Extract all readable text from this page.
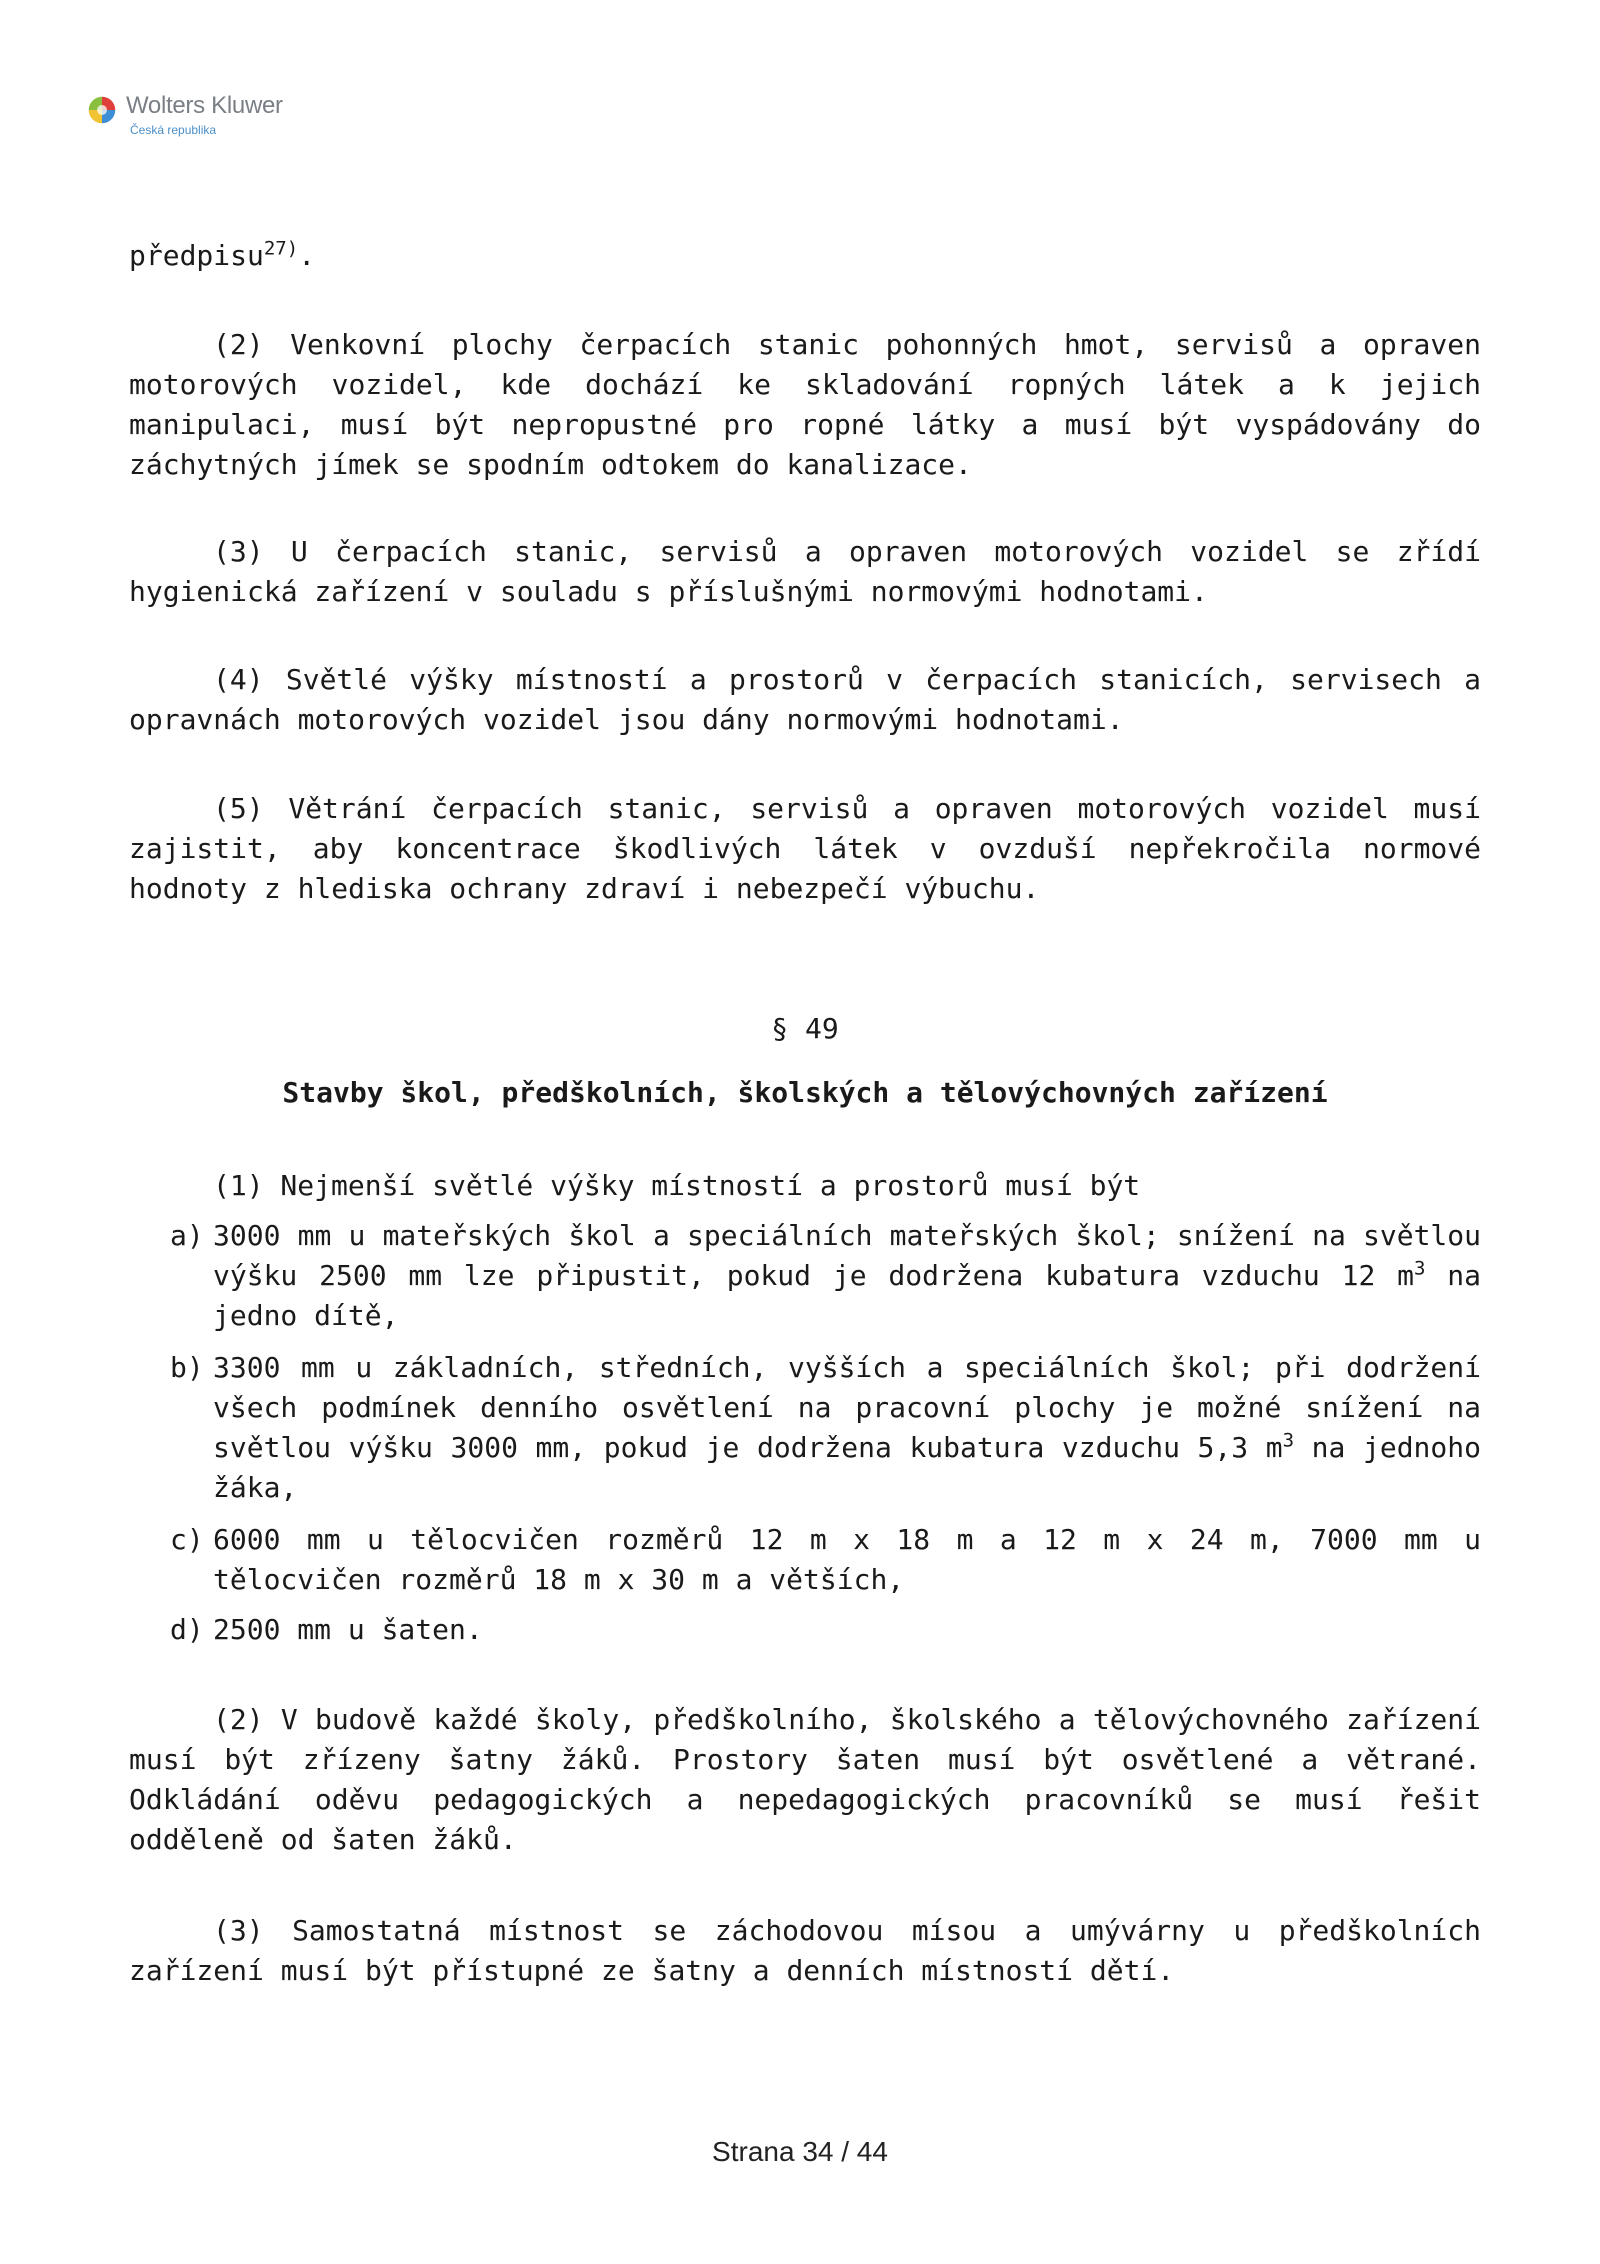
Wolters Kluwer
Česká republika
předpisu$^{27)}$.
(2) Venkovní plochy čerpacích stanic pohonných hmot, servisů a opraven motorových vozidel, kde dochází ke skladování ropných látek a k jejich manipulaci, musí být nepropustné pro ropné látky a musí být vyspádovány do záchytných jímek se spodním odtokem do kanalizace.
(3) U čerpacích stanic, servisů a opraven motorových vozidel se zřídí hygienická zařízení v souladu s příslušnými normovými hodnotami.
(4) Světlé výšky místností a prostorů v čerpacích stanicích, servisech a opravnách motorových vozidel jsou dány normovými hodnotami.
(5) Větrání čerpacích stanic, servisů a opraven motorových vozidel musí zajistit, aby koncentrace škodlivých látek v ovzduší nepřekročila normové hodnoty z hlediska ochrany zdraví i nebezpečí výbuchu.
§ 49
Stavby škol, předškolních, školských a tělovýchovných zařízení
(1) Nejmenší světlé výšky místností a prostorů musí být
a) 3000 mm u mateřských škol a speciálních mateřských škol; snížení na světlou výšku 2500 mm lze připustit, pokud je dodržena kubatura vzduchu 12 $m^3$ na jedno dítě,
b) 3300 mm u základních, středních, vyšších a speciálních škol; při dodržení všech podmínek denního osvětlení na pracovní plochy je možné snížení na světlou výšku 3000 mm, pokud je dodržena kubatura vzduchu 5,3 $m^3$ na jednoho žáka,
c) 6000 mm u tělocvičen rozměrů 12 m x 18 m a 12 m x 24 m, 7000 mm u tělocvičen rozměrů 18 m x 30 m a větších,
d) 2500 mm u šaten.
(2) V budově každé školy, předškolního, školského a tělovýchovného zařízení musí být zřízeny šatny žáků. Prostory šaten musí být osvětlené a větrané. Odkládání oděvu pedagogických a nepedagogických pracovníků se musí řešit odděleně od šaten žáků.
(3) Samostatná místnost se záchodovou mísou a umývárny u předškolních zařízení musí být přístupné ze šatny a denních místností dětí.
Strana 34 / 44
